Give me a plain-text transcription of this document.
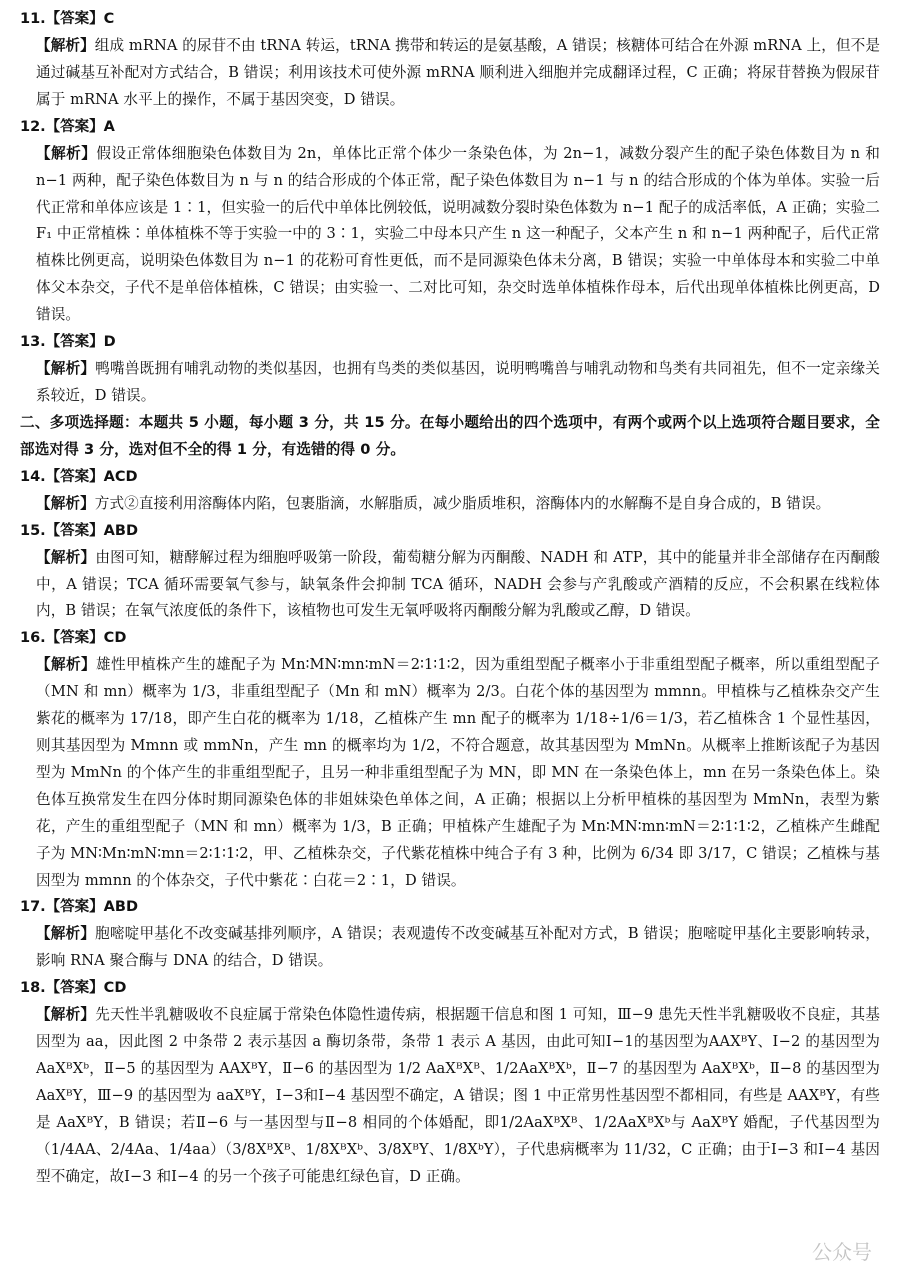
11.【答案】C
【解析】组成 mRNA 的尿苷不由 tRNA 转运，tRNA 携带和转运的是氨基酸，A 错误；核糖体可结合在外源 mRNA 上，但不是通过碱基互补配对方式结合，B 错误；利用该技术可使外源 mRNA 顺利进入细胞并完成翻译过程，C 正确；将尿苷替换为假尿苷属于 mRNA 水平上的操作，不属于基因突变，D 错误。
12.【答案】A
【解析】假设正常体细胞染色体数目为 2n，单体比正常个体少一条染色体，为 2n−1，减数分裂产生的配子染色体数目为 n 和 n−1 两种，配子染色体数目为 n 与 n 的结合形成的个体正常，配子染色体数目为 n−1 与 n 的结合形成的个体为单体。实验一后代正常和单体应该是 1∶1，但实验一的后代中单体比例较低，说明减数分裂时染色体数为 n−1 配子的成活率低，A 正确；实验二 F₁ 中正常植株∶单体植株不等于实验一中的 3∶1，实验二中母本只产生 n 这一种配子，父本产生 n 和 n−1 两种配子，后代正常植株比例更高，说明染色体数目为 n−1 的花粉可育性更低，而不是同源染色体未分离，B 错误；实验一中单体母本和实验二中单体父本杂交，子代不是单倍体植株，C 错误；由实验一、二对比可知，杂交时选单体植株作母本，后代出现单体植株比例更高，D 错误。
13.【答案】D
【解析】鸭嘴兽既拥有哺乳动物的类似基因，也拥有鸟类的类似基因，说明鸭嘴兽与哺乳动物和鸟类有共同祖先，但不一定亲缘关系较近，D 错误。
二、多项选择题：本题共 5 小题，每小题 3 分，共 15 分。在每小题给出的四个选项中，有两个或两个以上选项符合题目要求，全部选对得 3 分，选对但不全的得 1 分，有选错的得 0 分。
14.【答案】ACD
【解析】方式②直接利用溶酶体内陷，包裹脂滴，水解脂质，减少脂质堆积，溶酶体内的水解酶不是自身合成的，B 错误。
15.【答案】ABD
【解析】由图可知，糖酵解过程为细胞呼吸第一阶段，葡萄糖分解为丙酮酸、NADH 和 ATP，其中的能量并非全部储存在丙酮酸中，A 错误；TCA 循环需要氧气参与，缺氧条件会抑制 TCA 循环，NADH 会参与产乳酸或产酒精的反应，不会积累在线粒体内，B 错误；在氧气浓度低的条件下，该植物也可发生无氧呼吸将丙酮酸分解为乳酸或乙醇，D 错误。
16.【答案】CD
【解析】雄性甲植株产生的雄配子为 Mn∶MN∶mn∶mN＝2∶1∶1∶2，因为重组型配子概率小于非重组型配子概率，所以重组型配子（MN 和 mn）概率为 1/3，非重组型配子（Mn 和 mN）概率为 2/3。白花个体的基因型为 mmnn。甲植株与乙植株杂交产生紫花的概率为 17/18，即产生白花的概率为 1/18，乙植株产生 mn 配子的概率为 1/18÷1/6＝1/3，若乙植株含 1 个显性基因，则其基因型为 Mmnn 或 mmNn，产生 mn 的概率均为 1/2，不符合题意，故其基因型为 MmNn。从概率上推断该配子为基因型为 MmNn 的个体产生的非重组型配子，且另一种非重组型配子为 MN，即 MN 在一条染色体上，mn 在另一条染色体上。染色体互换常发生在四分体时期同源染色体的非姐妹染色单体之间，A 正确；根据以上分析甲植株的基因型为 MmNn，表型为紫花，产生的重组型配子（MN 和 mn）概率为 1/3，B 正确；甲植株产生雄配子为 Mn∶MN∶mn∶mN＝2∶1∶1∶2，乙植株产生雌配子为 MN∶Mn∶mN∶mn＝2∶1∶1∶2，甲、乙植株杂交，子代紫花植株中纯合子有 3 种，比例为 6/34 即 3/17，C 错误；乙植株与基因型为 mmnn 的个体杂交，子代中紫花∶白花＝2∶1，D 错误。
17.【答案】ABD
【解析】胞嘧啶甲基化不改变碱基排列顺序，A 错误；表观遗传不改变碱基互补配对方式，B 错误；胞嘧啶甲基化主要影响转录，影响 RNA 聚合酶与 DNA 的结合，D 错误。
18.【答案】CD
【解析】先天性半乳糖吸收不良症属于常染色体隐性遗传病，根据题干信息和图 1 可知，Ⅲ−9 患先天性半乳糖吸收不良症，其基因型为 aa，因此图 2 中条带 2 表示基因 a 酶切条带，条带 1 表示 A 基因，由此可知Ⅰ−1的基因型为AAXᴮY、Ⅰ−2 的基因型为 AaXᴮXᵇ，Ⅱ−5 的基因型为 AAXᴮY，Ⅱ−6 的基因型为 1/2 AaXᴮXᴮ、1/2AaXᴮXᵇ，Ⅱ−7 的基因型为 AaXᴮXᵇ，Ⅱ−8 的基因型为 AaXᴮY，Ⅲ−9 的基因型为 aaXᴮY，Ⅰ−3和Ⅰ−4 基因型不确定，A 错误；图 1 中正常男性基因型不都相同，有些是 AAXᴮY，有些是 AaXᴮY，B 错误；若Ⅱ−6 与一基因型与Ⅱ−8 相同的个体婚配，即1/2AaXᴮXᴮ、1/2AaXᴮXᵇ与 AaXᴮY 婚配，子代基因型为（1/4AA、2/4Aa、1/4aa）（3/8XᴮXᴮ、1/8XᴮXᵇ、3/8XᴮY、1/8XᵇY），子代患病概率为 11/32，C 正确；由于Ⅰ−3 和Ⅰ−4 基因型不确定，故Ⅰ−3 和Ⅰ−4 的另一个孩子可能患红绿色盲，D 正确。
公众号
